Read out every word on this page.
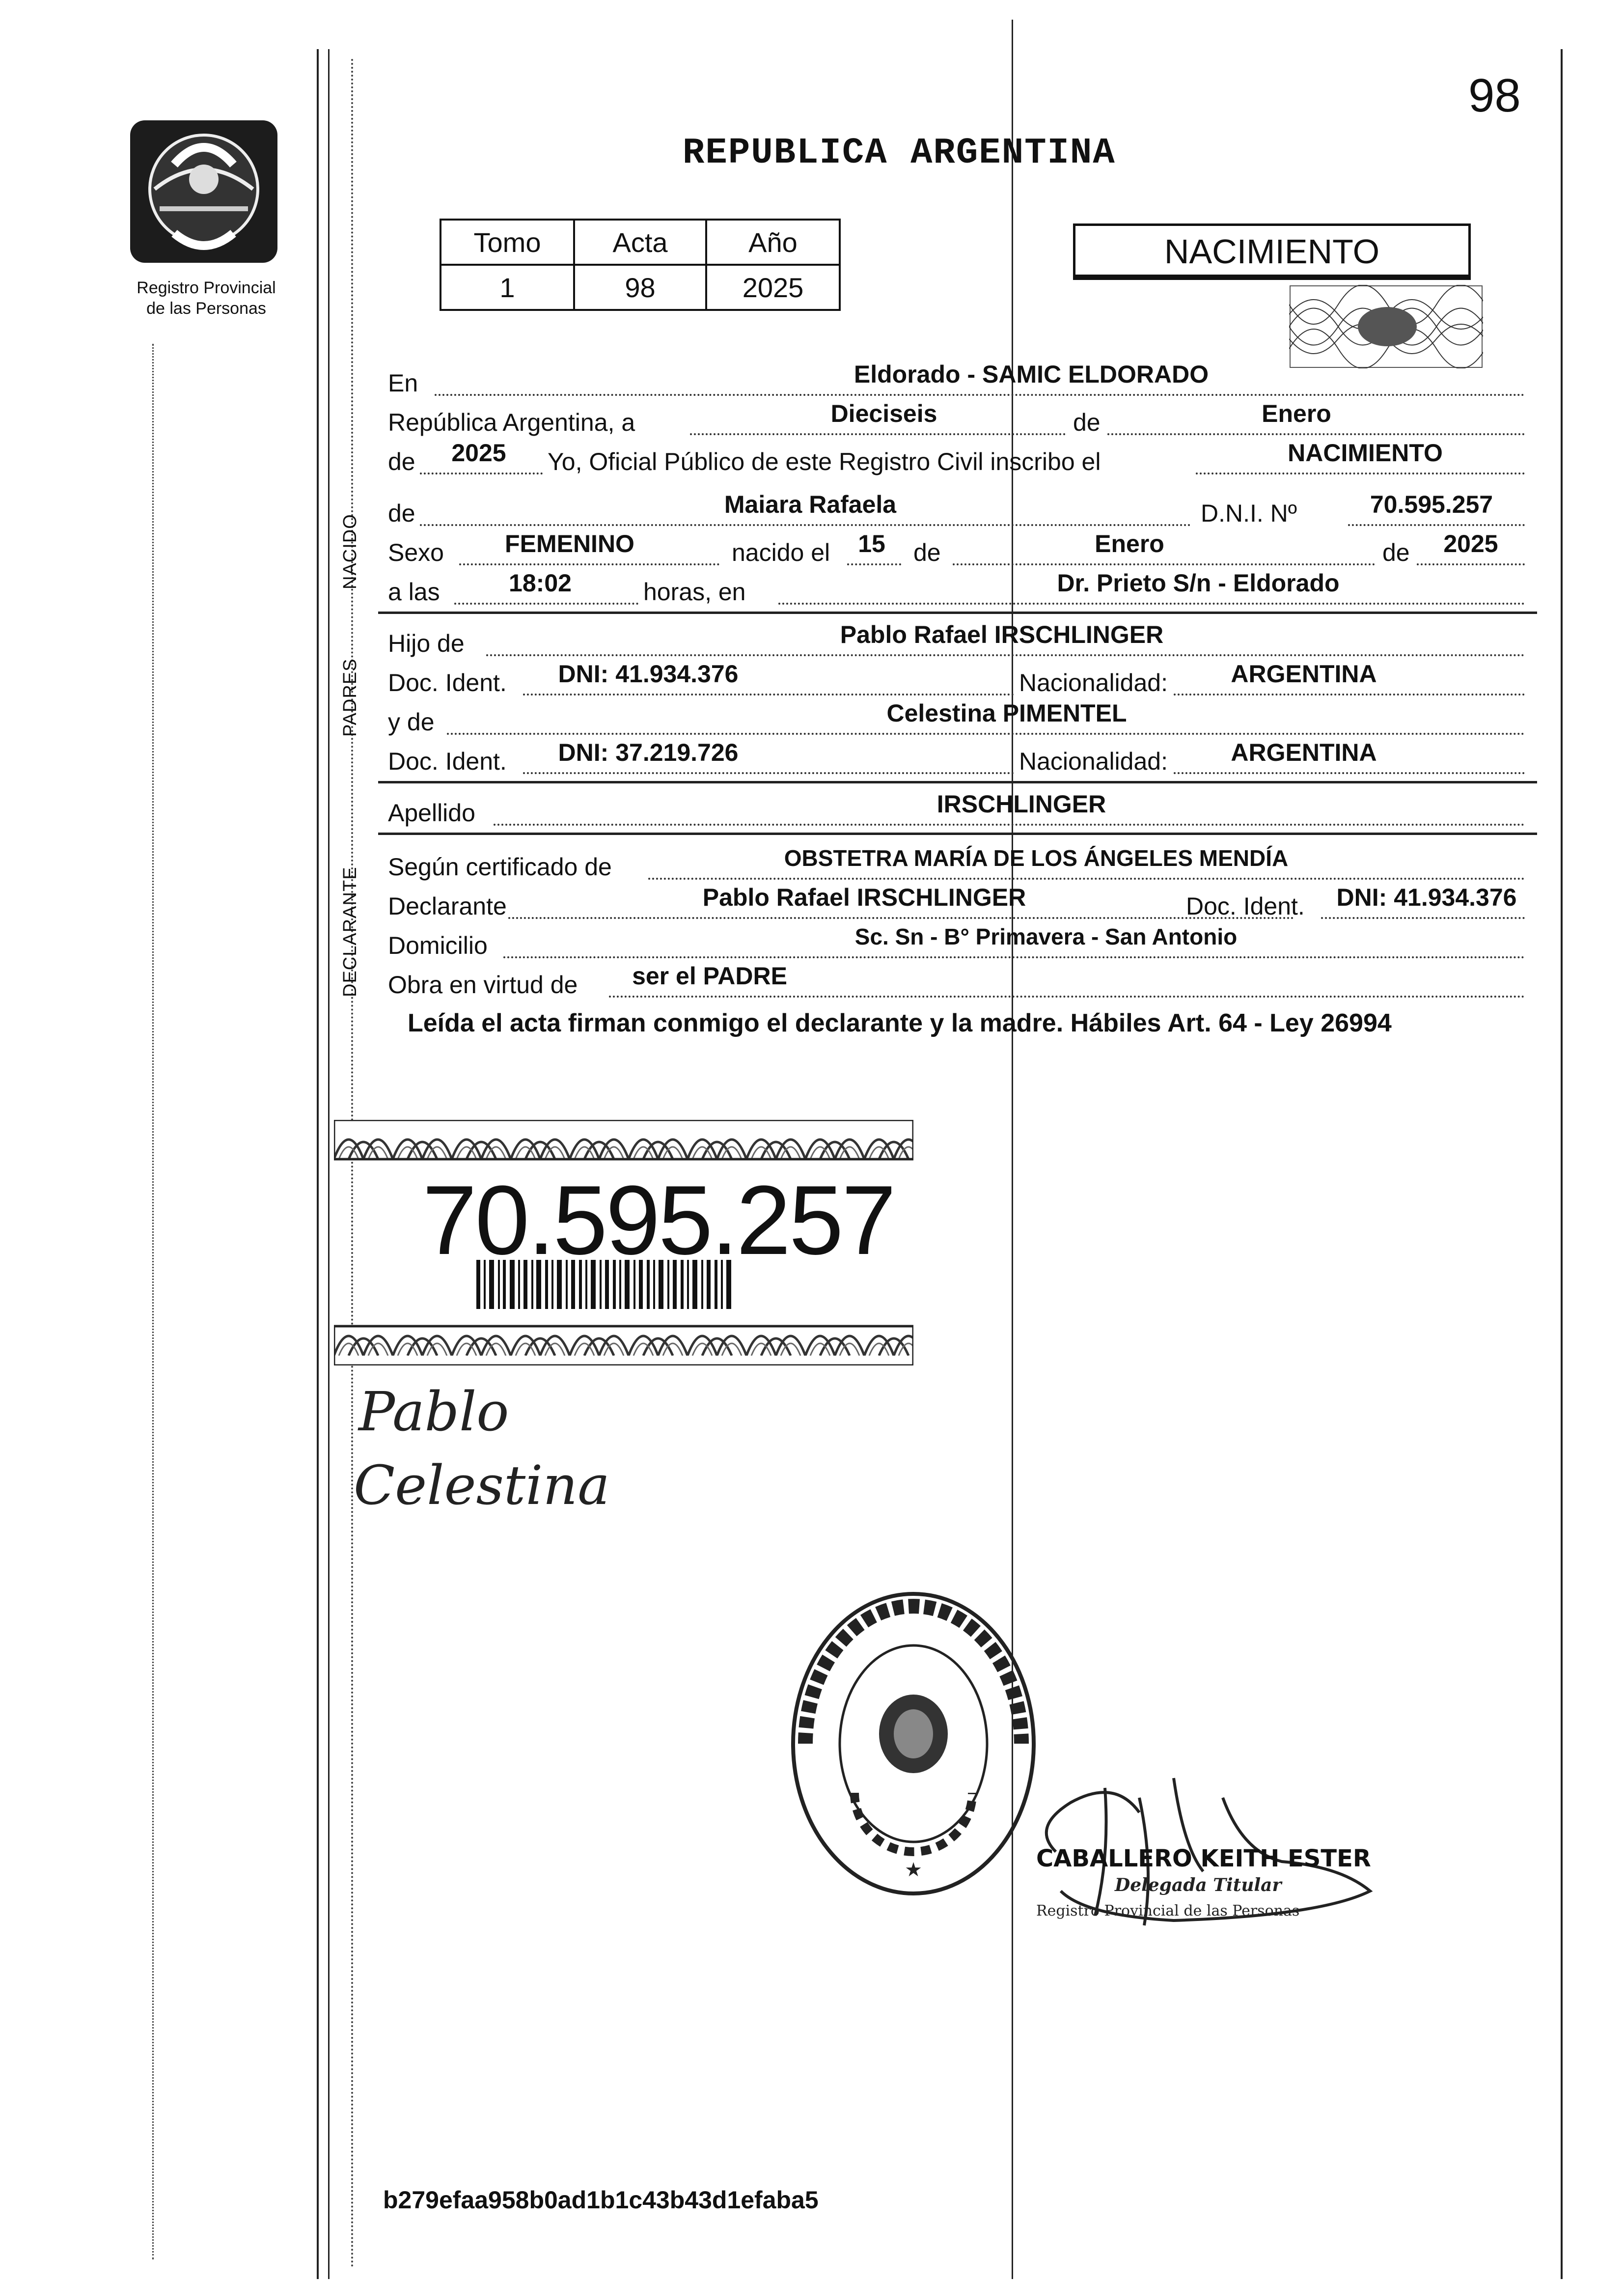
Registro Provincial
de las Personas
98
REPUBLICA ARGENTINA
Tomo	Acta	Año
1	98	2025
NACIMIENTO
En	Eldorado - SAMIC ELDORADO
República Argentina, a	Dieciseis	de	Enero
de	2025	Yo, Oficial Público de este Registro Civil inscribo el	NACIMIENTO
NACIDO
de	Maiara Rafaela	D.N.I. Nº	70.595.257
Sexo	FEMENINO	nacido el	15	de	Enero	de	2025
a las	18:02	horas, en	Dr. Prieto S/n - Eldorado
PADRES
Hijo de	Pablo Rafael IRSCHLINGER
Doc. Ident.	DNI: 41.934.376	Nacionalidad:	ARGENTINA
y de	Celestina PIMENTEL
Doc. Ident.	DNI: 37.219.726	Nacionalidad:	ARGENTINA
Apellido	IRSCHLINGER
DECLARANTE Según certificado de	OBSTETRA MARÍA DE LOS ÁNGELES MENDÍA
Declarante	Pablo Rafael IRSCHLINGER	Doc. Ident.	DNI: 41.934.376
Domicilio	Sc. Sn - B° Primavera - San Antonio
Obra en virtud de	ser el PADRE
Leída el acta firman conmigo el declarante y la madre. Hábiles Art. 64 - Ley 26994
70.595.257
Pablo
Celestina
★	CABALLERO KEITH ESTER
Delegada Titular
Registro Provincial de las Personas
b279efaa958b0ad1b1c43b43d1efaba5
